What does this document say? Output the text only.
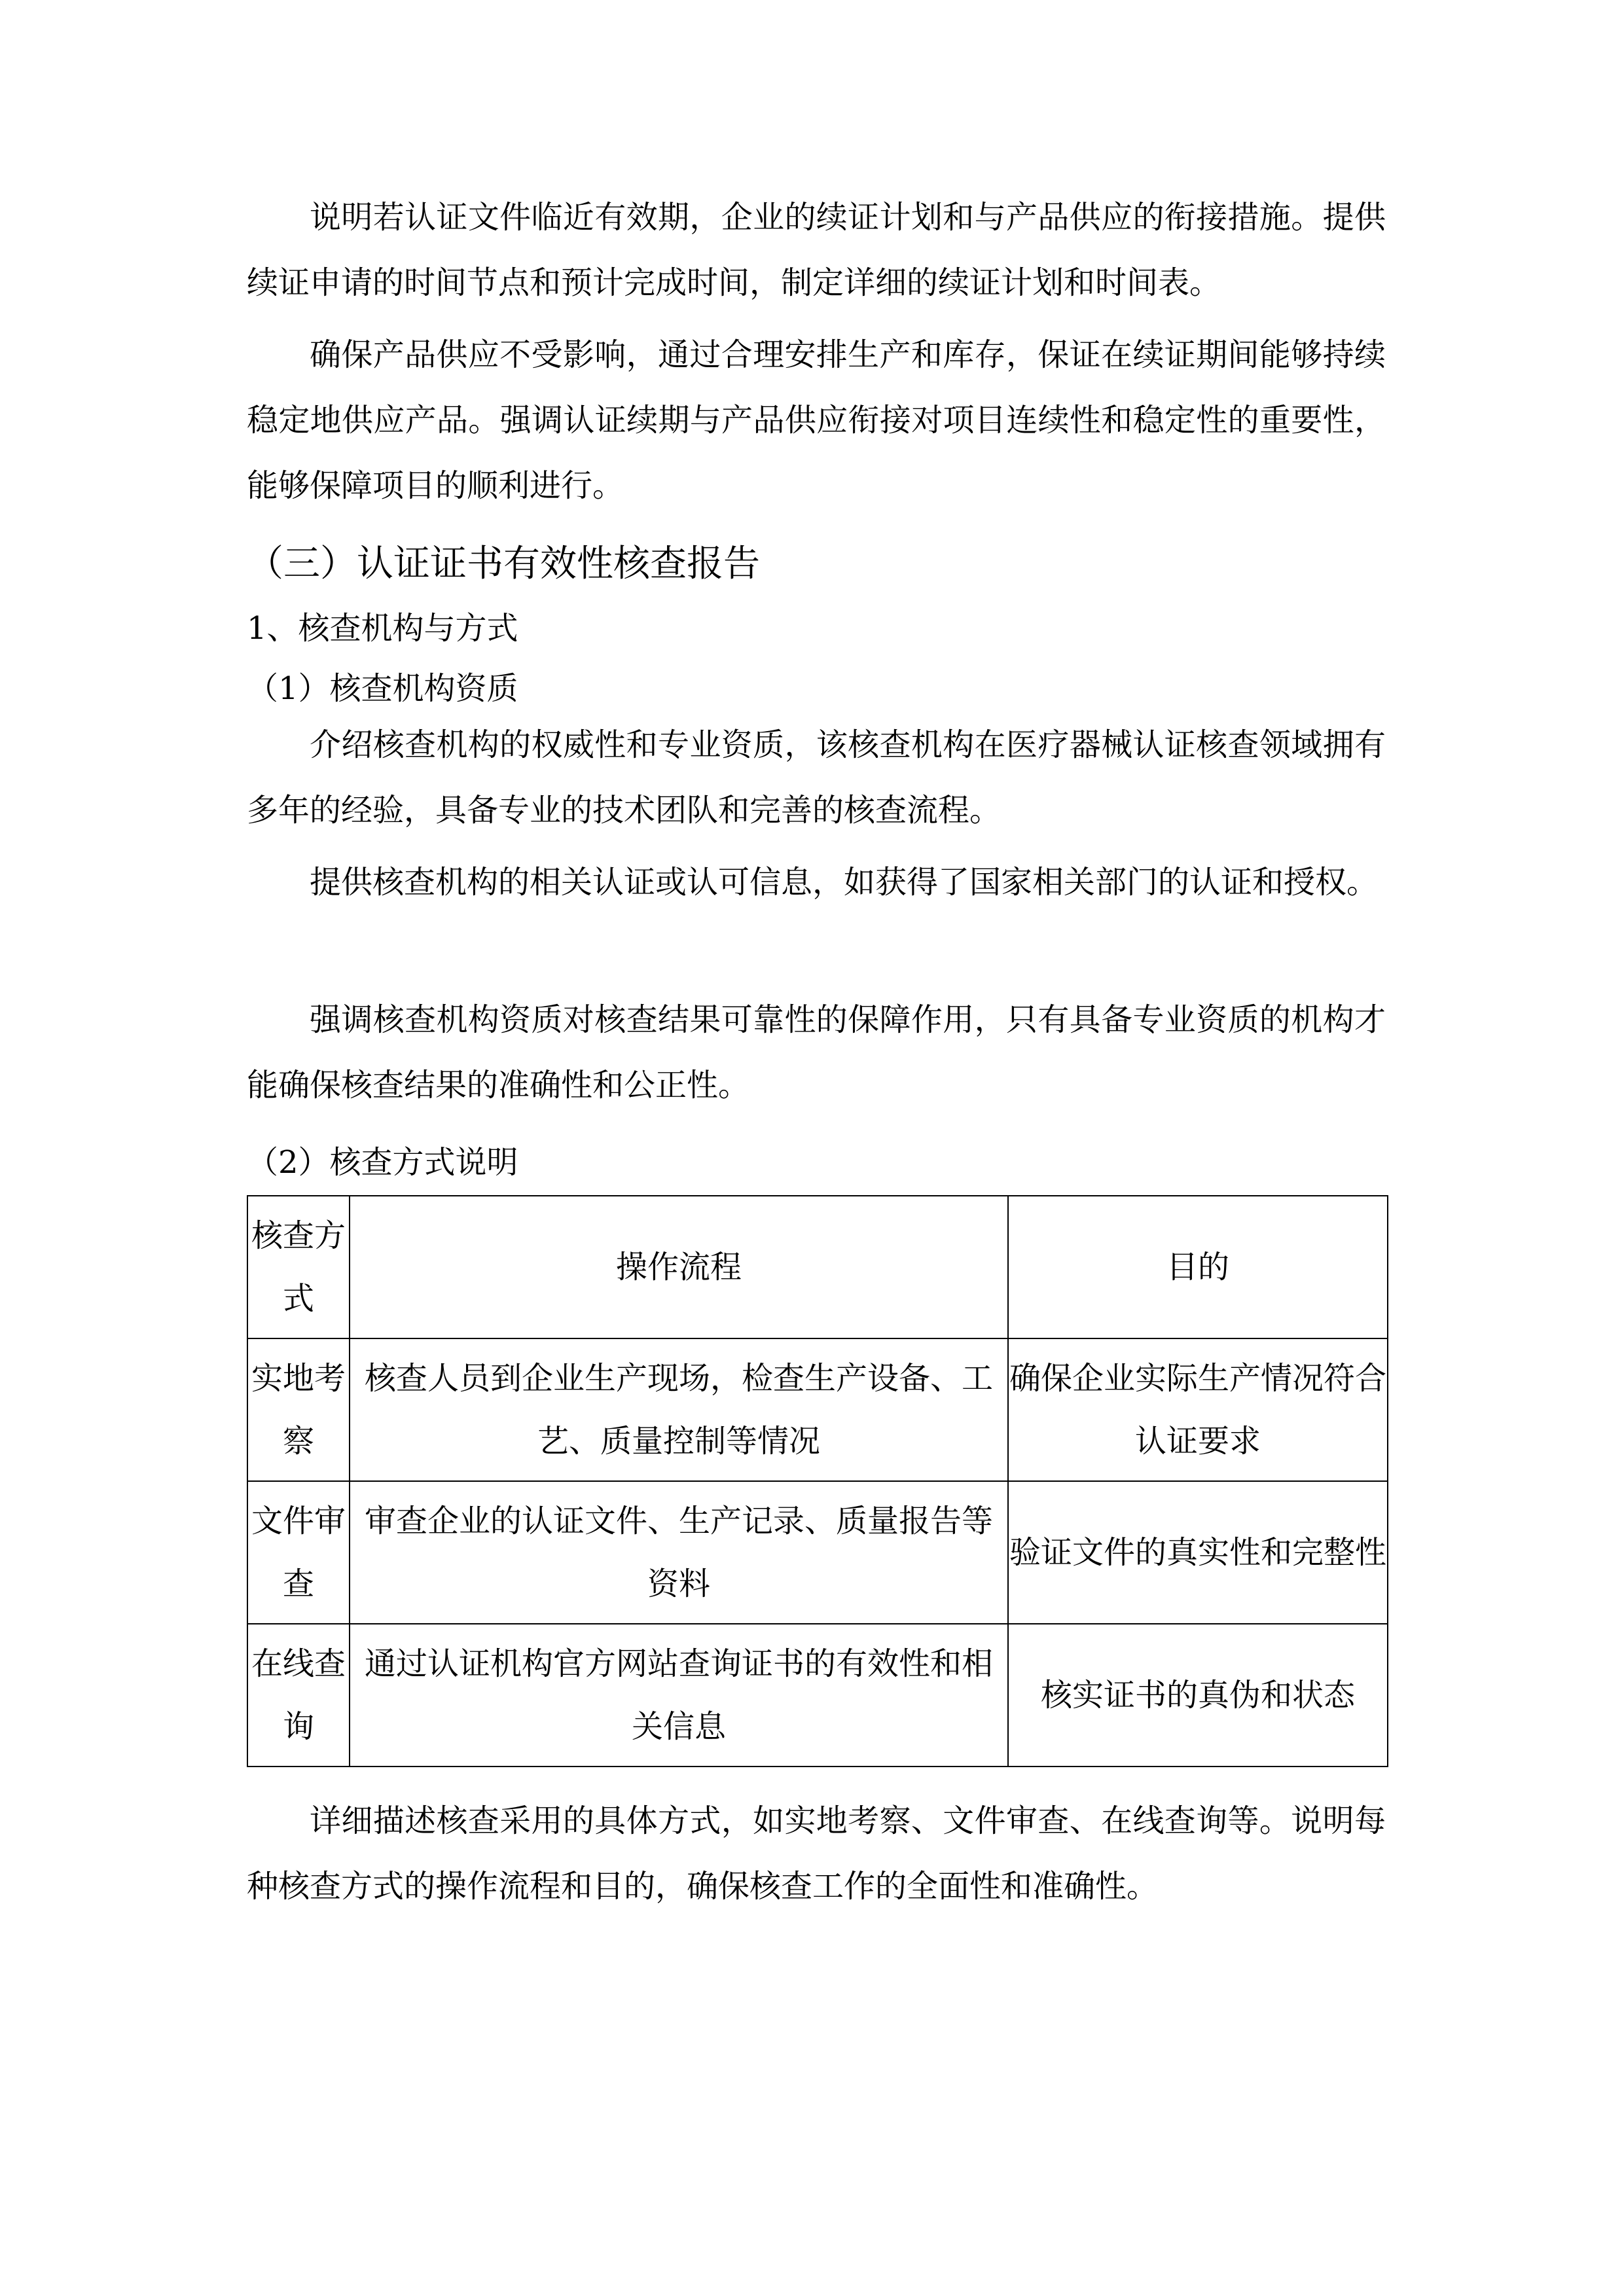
说明若认证文件临近有效期，企业的续证计划和与产品供应的衔接措施。提供续证申请的时间节点和预计完成时间，制定详细的续证计划和时间表。

确保产品供应不受影响，通过合理安排生产和库存，保证在续证期间能够持续稳定地供应产品。强调认证续期与产品供应衔接对项目连续性和稳定性的重要性，能够保障项目的顺利进行。

（三）认证证书有效性核查报告
1、核查机构与方式
（1）核查机构资质

介绍核查机构的权威性和专业资质，该核查机构在医疗器械认证核查领域拥有多年的经验，具备专业的技术团队和完善的核查流程。

提供核查机构的相关认证或认可信息，如获得了国家相关部门的认证和授权。

强调核查机构资质对核查结果可靠性的保障作用，只有具备专业资质的机构才能确保核查结果的准确性和公正性。

（2）核查方式说明
核查方式	操作流程	目的
实地考察	核查人员到企业生产现场，检查生产设备、工艺、质量控制等情况	确保企业实际生产情况符合认证要求
文件审查	审查企业的认证文件、生产记录、质量报告等资料	验证文件的真实性和完整性
在线查询	通过认证机构官方网站查询证书的有效性和相关信息	核实证书的真伪和状态

详细描述核查采用的具体方式，如实地考察、文件审查、在线查询等。说明每种核查方式的操作流程和目的，确保核查工作的全面性和准确性。
